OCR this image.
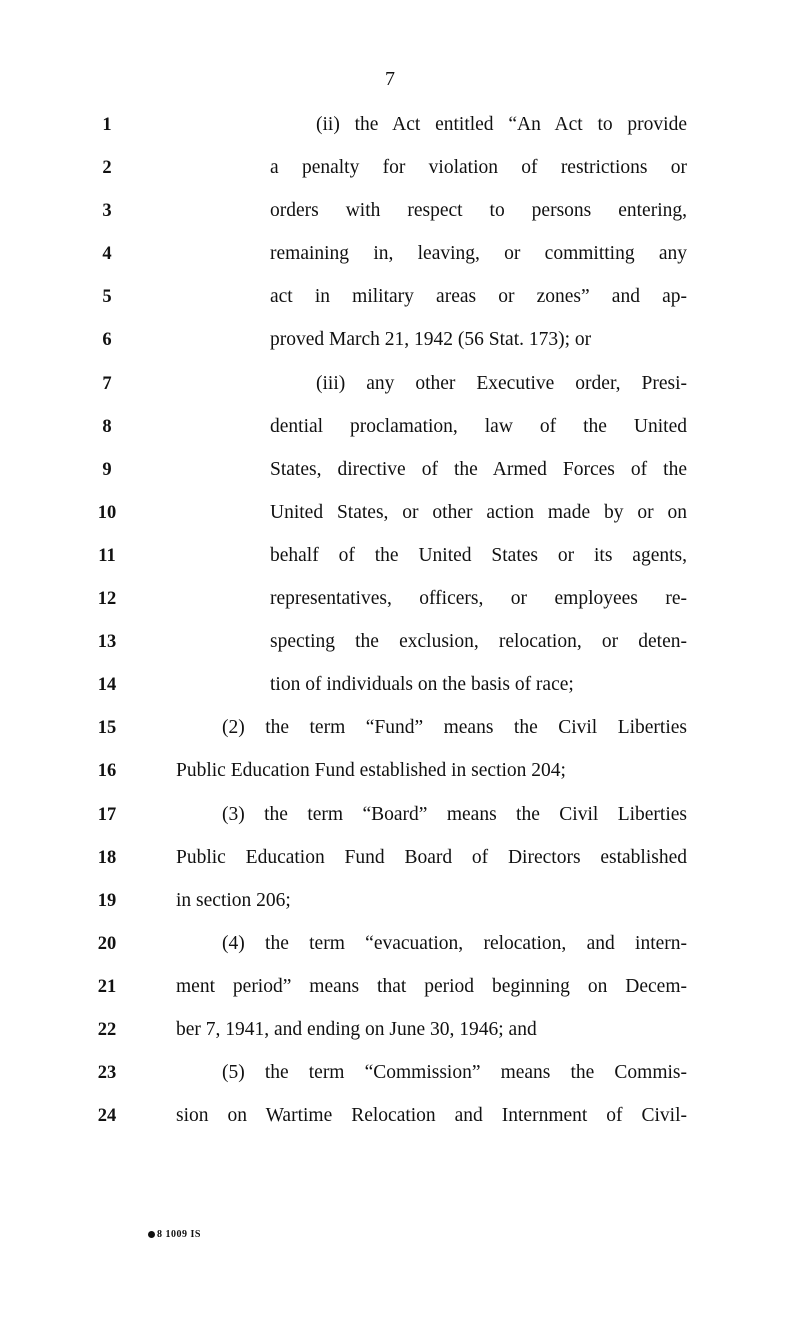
7
1	(ii) the Act entitled “An Act to provide
2	a penalty for violation of restrictions or
3	orders with respect to persons entering,
4	remaining in, leaving, or committing any
5	act in military areas or zones” and ap-
6	proved March 21, 1942 (56 Stat. 173); or
7	(iii) any other Executive order, Presi-
8	dential proclamation, law of the United
9	States, directive of the Armed Forces of the
10	United States, or other action made by or on
11	behalf of the United States or its agents,
12	representatives, officers, or employees re-
13	specting the exclusion, relocation, or deten-
14	tion of individuals on the basis of race;
15	(2) the term “Fund” means the Civil Liberties
16	Public Education Fund established in section 204;
17	(3) the term “Board” means the Civil Liberties
18	Public Education Fund Board of Directors established
19	in section 206;
20	(4) the term “evacuation, relocation, and intern-
21	ment period” means that period beginning on Decem-
22	ber 7, 1941, and ending on June 30, 1946; and
23	(5) the term “Commission” means the Commis-
24	sion on Wartime Relocation and Internment of Civil-
8 1009 IS
